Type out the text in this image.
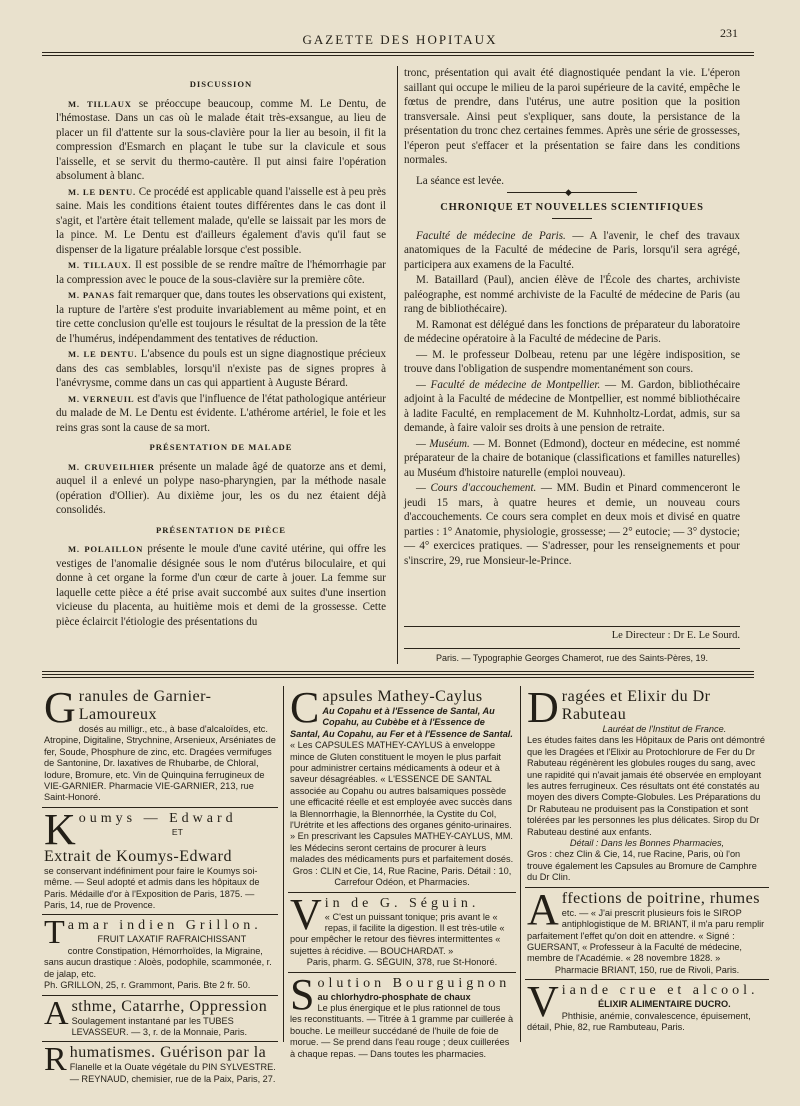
GAZETTE DES HOPITAUX	231
DISCUSSION

M. TILLAUX se préoccupe beaucoup, comme M. Le Dentu, de l'hémostase. Dans un cas où le malade était très-exsangue, au lieu de placer un fil d'attente sur la sous-clavière pour la lier au besoin, il fit la compression d'Esmarch en plaçant le tube sur la clavicule et sous l'aisselle, et se servit du thermo-cautère. Il put ainsi faire l'opération absolument à blanc.

M. LE DENTU. Ce procédé est applicable quand l'aisselle est à peu près saine. Mais les conditions étaient toutes différentes dans le cas dont il s'agit, et l'artère était tellement malade, qu'elle se laissait par les mors de la pince. M. Le Dentu est d'ailleurs également d'avis qu'il faut se dispenser de la ligature préalable lorsque c'est possible.

M. TILLAUX. Il est possible de se rendre maître de l'hémorrhagie par la compression avec le pouce de la sous-clavière sur la première côte.

M. PANAS fait remarquer que, dans toutes les observations qui existent, la rupture de l'artère s'est produite invariablement au même point, et en tire cette conclusion qu'elle est toujours le résultat de la pression de la tête de l'humérus, indépendamment des tentatives de réduction.

M. LE DENTU. L'absence du pouls est un signe diagnostique précieux dans des cas semblables, lorsqu'il n'existe pas de signes propres à l'anévrysme, comme dans un cas qui appartient à Auguste Bérard.

M. VERNEUIL est d'avis que l'influence de l'état pathologique antérieur du malade de M. Le Dentu est évidente. L'athérome artériel, le foie et les reins gras sont la cause de sa mort.

PRÉSENTATION DE MALADE

M. CRUVEILHIER présente un malade âgé de quatorze ans et demi, auquel il a enlevé un polype naso-pharyngien, par la méthode nasale (opération d'Ollier). Au dixième jour, les os du nez étaient déjà consolidés.

PRÉSENTATION DE PIÈCE

M. POLAILLON présente le moule d'une cavité utérine, qui offre les vestiges de l'anomalie désignée sous le nom d'utérus biloculaire, et qui donne à cet organe la forme d'un cœur de carte à jouer. La femme sur laquelle cette pièce a été prise avait succombé aux suites d'une insertion vicieuse du placenta, au huitième mois et demi de la grossesse. Cette pièce éclaircit l'étiologie des présentations du

tronc, présentation qui avait été diagnostiquée pendant la vie. L'éperon saillant qui occupe le milieu de la paroi supérieure de la cavité, empêche le fœtus de prendre, dans l'utérus, une autre position que la position transversale. Ainsi peut s'expliquer, sans doute, la persistance de la présentation du tronc chez certaines femmes. Après une série de grossesses, l'éperon peut s'effacer et la présentation se faire dans les conditions normales.

La séance est levée.

◆
CHRONIQUE ET NOUVELLES SCIENTIFIQUES

Faculté de médecine de Paris. — A l'avenir, le chef des travaux anatomiques de la Faculté de médecine de Paris, lorsqu'il sera agrégé, participera aux examens de la Faculté.

M. Bataillard (Paul), ancien élève de l'École des chartes, archiviste paléographe, est nommé archiviste de la Faculté de médecine de Paris (au rang de bibliothécaire).

M. Ramonat est délégué dans les fonctions de préparateur du laboratoire de médecine opératoire à la Faculté de médecine de Paris.

— M. le professeur Dolbeau, retenu par une légère indisposition, se trouve dans l'obligation de suspendre momentanément son cours.

— Faculté de médecine de Montpellier. — M. Gardon, bibliothécaire adjoint à la Faculté de médecine de Montpellier, est nommé bibliothécaire à ladite Faculté, en remplacement de M. Kuhnholtz-Lordat, admis, sur sa demande, à faire valoir ses droits à une pension de retraite.

— Muséum. — M. Bonnet (Edmond), docteur en médecine, est nommé préparateur de la chaire de botanique (classifications et familles naturelles) au Muséum d'histoire naturelle (emploi nouveau).

— Cours d'accouchement. — MM. Budin et Pinard commenceront le jeudi 15 mars, à quatre heures et demie, un nouveau cours d'accouchements. Ce cours sera complet en deux mois et divisé en quatre parties : 1° Anatomie, physiologie, grossesse; — 2° eutocie; — 3° dystocie; — 4° exercices pratiques. — S'adresser, pour les renseignements et pour s'inscrire, 29, rue Monsieur-le-Prince.

Le Directeur : Dr E. Le Sourd.
Paris. — Typographie Georges Chamerot, rue des Saints-Pères, 19.
G ranules de Garnier-Lamoureux
dosés au milligr., etc., à base d'alcaloïdes, etc. Atropine, Digitaline, Strychnine, Arsenieux, Arséniates de fer, Soude, Phosphure de zinc, etc. Dragées vermifuges de Santonine, Dr. laxatives de Rhubarbe, de Chloral, Iodure, Bromure, etc. Vin de Quinquina ferrugineux de VIE-GARNIER. Pharmacie VIE-GARNIER, 213, rue Saint-Honoré.
K oumys — Edward
ET
Extrait de Koumys-Edward
se conservant indéfiniment pour faire le Koumys soi-même. — Seul adopté et admis dans les hôpitaux de Paris. Médaille d'or à l'Exposition de Paris, 1875. — Paris, 14, rue de Provence.
T amar indien Grillon.
FRUIT LAXATIF RAFRAICHISSANT
contre Constipation, Hémorrhoïdes, la Migraine, sans aucun drastique : Aloès, podophile, scammonée, r. de jalap, etc.
Ph. GRILLON, 25, r. Grammont, Paris. Bte 2 fr. 50.
A sthme, Catarrhe, Oppression
Soulagement instantané par les TUBES LEVASSEUR. — 3, r. de la Monnaie, Paris.
R humatismes. Guérison par la
Flanelle et la Ouate végétale du PIN SYLVESTRE. — REYNAUD, chemisier, rue de la Paix, Paris, 27.
C apsules Mathey-Caylus
Au Copahu et à l'Essence de Santal, Au Copahu, au Cubèbe et à l'Essence de Santal, Au Copahu, au Fer et à l'Essence de Santal.
« Les CAPSULES MATHEY-CAYLUS à enveloppe mince de Gluten constituent le moyen le plus parfait pour administrer certains médicaments à odeur et à saveur désagréables. « L'ESSENCE DE SANTAL associée au Copahu ou autres balsamiques possède une efficacité réelle et est employée avec succès dans la Blennorrhagie, la Blennorrhée, la Cystite du Col, l'Urétrite et les affections des organes génito-urinaires. » En prescrivant les Capsules MATHEY-CAYLUS, MM. les Médecins seront certains de procurer à leurs malades des médicaments purs et parfaitement dosés.
Gros : CLIN et Cie, 14, Rue Racine, Paris. Détail : 10, Carrefour Odéon, et Pharmacies.
V in de G. Séguin.
« C'est un puissant tonique; pris avant le « repas, il facilite la digestion. Il est très-utile « pour empêcher le retour des fièvres intermittentes « sujettes à récidive. — BOUCHARDAT. »
Paris, pharm. G. SÉGUIN, 378, rue St-Honoré.
S olution Bourguignon
au chlorhydro-phosphate de chaux
Le plus énergique et le plus rationnel de tous les reconstituants. — Titrée à 1 gramme par cuillerée à bouche. Le meilleur succédané de l'huile de foie de morue. — Se prend dans l'eau rouge ; deux cuillerées à chaque repas. — Dans toutes les pharmacies.
D ragées et Elixir du Dr Rabuteau
Lauréat de l'Institut de France.
Les études faites dans les Hôpitaux de Paris ont démontré que les Dragées et l'Elixir au Protochlorure de Fer du Dr Rabuteau régénèrent les globules rouges du sang, avec une rapidité qui n'avait jamais été observée en employant les autres ferrugineux. Ces résultats ont été constatés au moyen des divers Compte-Globules. Les Préparations du Dr Rabuteau ne produisent pas la Constipation et sont tolérées par les personnes les plus délicates. Sirop du Dr Rabuteau destiné aux enfants.
Détail : Dans les Bonnes Pharmacies,
Gros : chez Clin & Cie, 14, rue Racine, Paris, où l'on trouve également les Capsules au Bromure de Camphre du Dr Clin.
A ffections de poitrine, rhumes
etc. — « J'ai prescrit plusieurs fois le SIROP antiphlogistique de M. BRIANT, il m'a paru remplir parfaitement l'effet qu'on doit en attendre. « Signé : GUERSANT, « Professeur à la Faculté de médecine, membre de l'Académie. « 28 novembre 1828. »
Pharmacie BRIANT, 150, rue de Rivoli, Paris.
V iande crue et alcool.
ÉLIXIR ALIMENTAIRE DUCRO.
Phthisie, anémie, convalescence, épuisement, détail, Phie, 82, rue Rambuteau, Paris.
